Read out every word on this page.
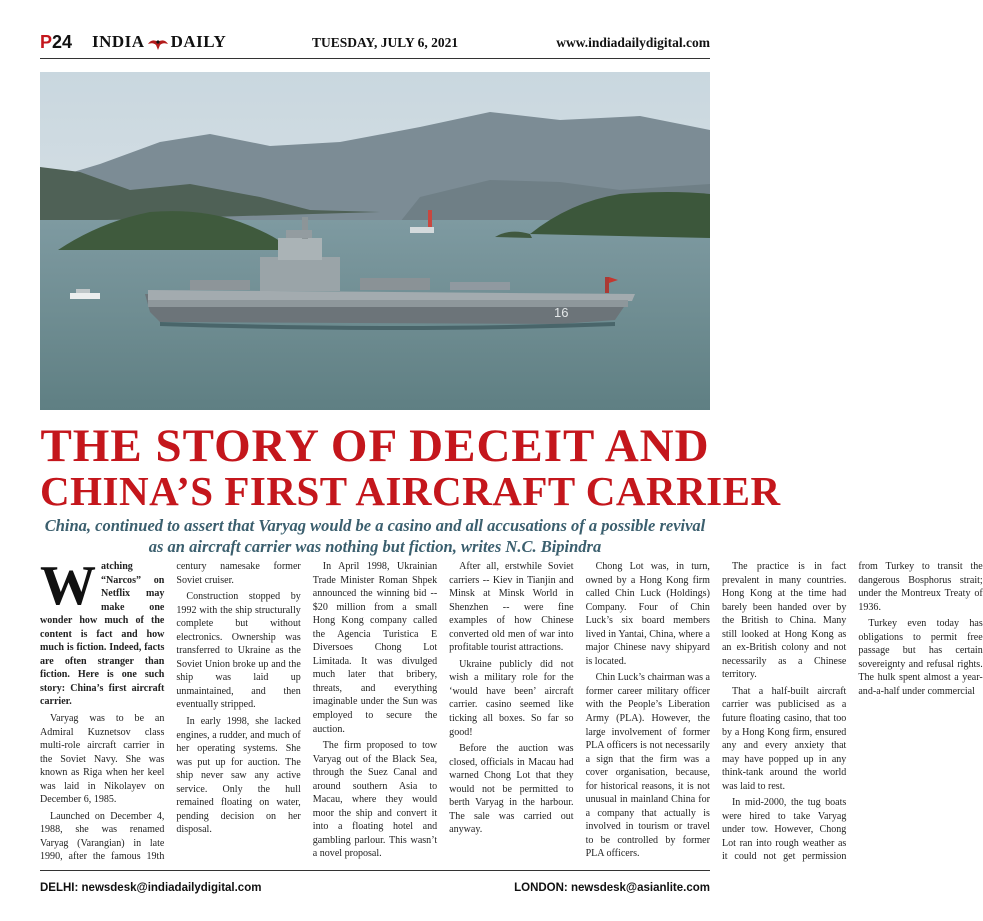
P24 INDIA DAILY	TUESDAY, JULY 6, 2021	www.indiadailydigital.com
16
THE STORY OF DECEIT AND
CHINA’S FIRST AIRCRAFT CARRIER

China, continued to assert that Varyag would be a casino and all accusations of a possible revival as an aircraft carrier was nothing but fiction, writes N.C. Bipindra

Watching “Narcos” on Netflix may make one wonder how much of the content is fact and how much is fiction. Indeed, facts are often stranger than fiction. Here is one such story: China’s first aircraft carrier.

Varyag was to be an Admiral Kuznetsov class multi-role aircraft carrier in the Soviet Navy. She was known as Riga when her keel was laid in Nikolayev on December 6, 1985.

Launched on December 4, 1988, she was renamed Varyag (Varangian) in late 1990, after the famous 19th century namesake former Soviet cruiser.

Construction stopped by 1992 with the ship structurally complete but without electronics. Ownership was transferred to Ukraine as the Soviet Union broke up and the ship was laid up unmaintained, and then eventually stripped.

In early 1998, she lacked engines, a rudder, and much of her operating systems. She was put up for auction. The ship never saw any active service. Only the hull remained floating on water, pending decision on her disposal.

In April 1998, Ukrainian Trade Minister Roman Shpek announced the winning bid -- $20 million from a small Hong Kong company called the Agencia Turistica E Diversoes Chong Lot Limitada. It was divulged much later that bribery, threats, and everything imaginable under the Sun was employed to secure the auction.

The firm proposed to tow Varyag out of the Black Sea, through the Suez Canal and around southern Asia to Macau, where they would moor the ship and convert it into a floating hotel and gambling parlour. This wasn’t a novel proposal.

After all, erstwhile Soviet carriers -- Kiev in Tianjin and Minsk at Minsk World in Shenzhen -- were fine examples of how Chinese converted old men of war into profitable tourist attractions.

Ukraine publicly did not wish a military role for the ‘would have been’ aircraft carrier. casino seemed like ticking all boxes. So far so good!

Before the auction was closed, officials in Macau had warned Chong Lot that they would not be permitted to berth Varyag in the harbour. The sale was carried out anyway.

Chong Lot was, in turn, owned by a Hong Kong firm called Chin Luck (Holdings) Company. Four of Chin Luck’s six board members lived in Yantai, China, where a major Chinese navy shipyard is located.

Chin Luck’s chairman was a former career military officer with the People’s Liberation Army (PLA). However, the large involvement of former PLA officers is not necessarily a sign that the firm was a cover organisation, because, for historical reasons, it is not unusual in mainland China for a company that actually is involved in tourism or travel to be controlled by former PLA officers.

The practice is in fact prevalent in many countries. Hong Kong at the time had barely been handed over by the British to China. Many still looked at Hong Kong as an ex-British colony and not necessarily as a Chinese territory.

That a half-built aircraft carrier was publicised as a future floating casino, that too by a Hong Kong firm, ensured any and every anxiety that may have popped up in any think-tank around the world was laid to rest.

In mid-2000, the tug boats were hired to take Varyag under tow. However, Chong Lot ran into rough weather as it could not get permission from Turkey to transit the dangerous Bosphorus strait; under the Montreux Treaty of 1936.

Turkey even today has obligations to permit free passage but has certain sovereignty and refusal rights. The hulk spent almost a year-and-a-half under commercial

DELHI: newsdesk@indiadailydigital.com	LONDON: newsdesk@asianlite.com
